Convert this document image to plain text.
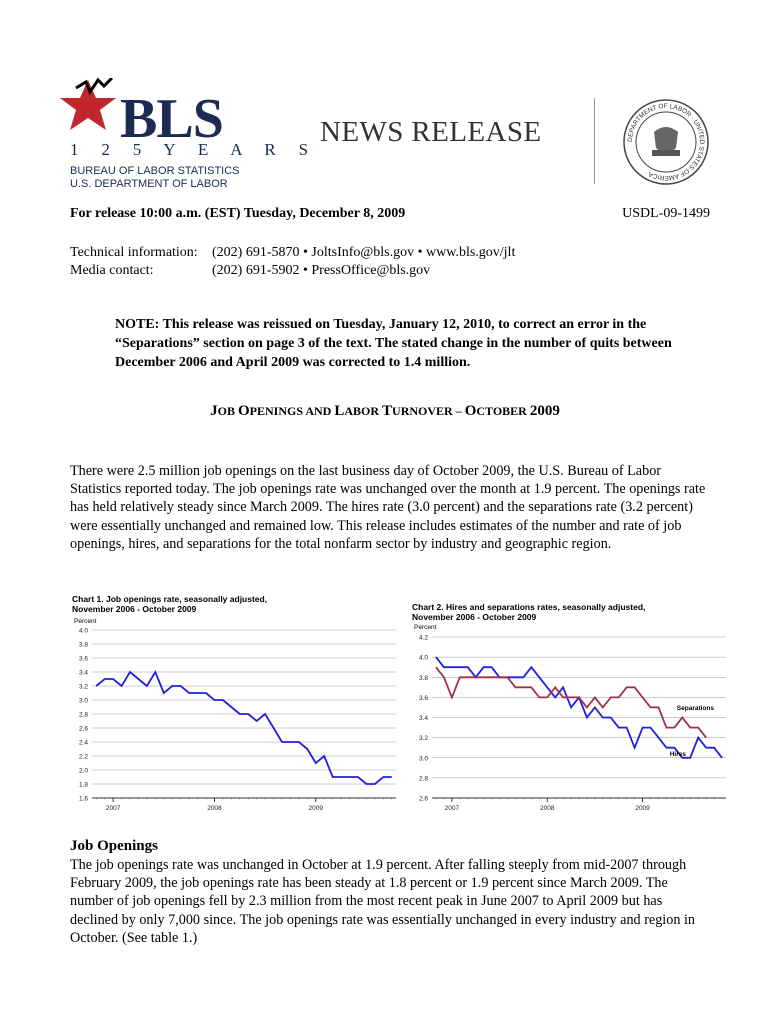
BLS
1 2 5 Y E A R S
BUREAU OF LABOR STATISTICS
U.S. DEPARTMENT OF LABOR
NEWS RELEASE	DEPARTMENT OF LABOR · UNITED STATES OF AMERICA
For release 10:00 a.m. (EST) Tuesday, December 8, 2009	USDL-09-1499
Technical information: (202) 691-5870 • JoltsInfo@bls.gov • www.bls.gov/jlt
Media contact:	(202) 691-5902 • PressOffice@bls.gov
NOTE: This release was reissued on Tuesday, January 12, 2010, to correct an error in the “Separations” section on page 3 of the text. The stated change in the number of quits between December 2006 and April 2009 was corrected to 1.4 million.
JOB OPENINGS AND LABOR TURNOVER – OCTOBER 2009
There were 2.5 million job openings on the last business day of October 2009, the U.S. Bureau of Labor Statistics reported today. The job openings rate was unchanged over the month at 1.9 percent. The openings rate has held relatively steady since March 2009. The hires rate (3.0 percent) and the separations rate (3.2 percent) were essentially unchanged and remained low. This release includes estimates of the number and rate of job openings, hires, and separations for the total nonfarm sector by industry and geographic region.
Chart 1. Job openings rate, seasonally adjusted,
November 2006 - October 2009
Percent
4.0
3.8
3.6
3.4
3.2
3.0
2.8
2.6
2.4
2.2
2.0
1.8
1.6
2007	2008	2009
Chart 2. Hires and separations rates, seasonally adjusted,
November 2006 - October 2009
Percent
4.2
4.0
3.8
3.6
3.4
3.2
3.0
2.8
2.6
2007	2008	2009
Hires
Separations
Job Openings
The job openings rate was unchanged in October at 1.9 percent. After falling steeply from mid-2007 through February 2009, the job openings rate has been steady at 1.8 percent or 1.9 percent since March 2009. The number of job openings fell by 2.3 million from the most recent peak in June 2007 to April 2009 but has declined by only 7,000 since. The job openings rate was essentially unchanged in every industry and region in October. (See table 1.)
